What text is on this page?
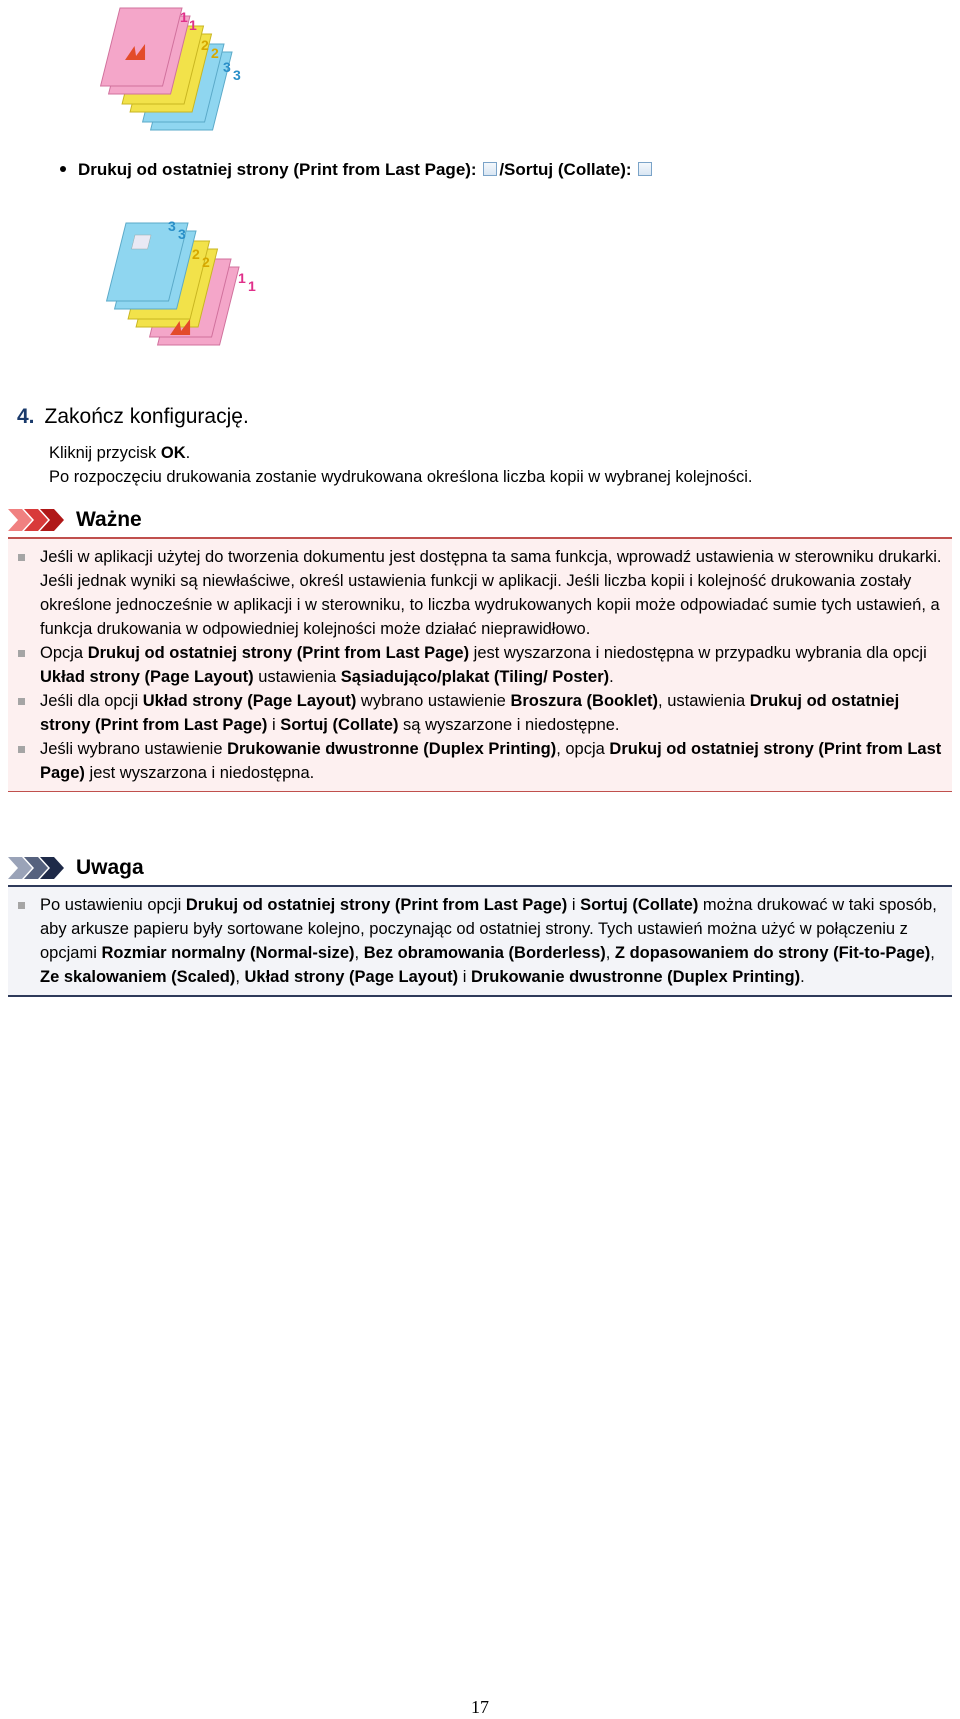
1 1
2 2
3 3
Drukuj od ostatniej strony (Print from Last Page): /Sortuj (Collate):
3 3
2 2
1 1
4. Zakończ konfigurację.
Kliknij przycisk OK.
Po rozpoczęciu drukowania zostanie wydrukowana określona liczba kopii w wybranej kolejności.
Ważne

Jeśli w aplikacji użytej do tworzenia dokumentu jest dostępna ta sama funkcja, wprowadź ustawienia w sterowniku drukarki. Jeśli jednak wyniki są niewłaściwe, określ ustawienia funkcji w aplikacji. Jeśli liczba kopii i kolejność drukowania zostały określone jednocześnie w aplikacji i w sterowniku, to liczba wydrukowanych kopii może odpowiadać sumie tych ustawień, a funkcja drukowania w odpowiedniej kolejności może działać nieprawidłowo.

Opcja Drukuj od ostatniej strony (Print from Last Page) jest wyszarzona i niedostępna w przypadku wybrania dla opcji Układ strony (Page Layout) ustawienia Sąsiadująco/plakat (Tiling/ Poster).

Jeśli dla opcji Układ strony (Page Layout) wybrano ustawienie Broszura (Booklet), ustawienia Drukuj od ostatniej strony (Print from Last Page) i Sortuj (Collate) są wyszarzone i niedostępne.

Jeśli wybrano ustawienie Drukowanie dwustronne (Duplex Printing), opcja Drukuj od ostatniej strony (Print from Last Page) jest wyszarzona i niedostępna.

Uwaga

Po ustawieniu opcji Drukuj od ostatniej strony (Print from Last Page) i Sortuj (Collate) można drukować w taki sposób, aby arkusze papieru były sortowane kolejno, poczynając od ostatniej strony. Tych ustawień można użyć w połączeniu z opcjami Rozmiar normalny (Normal-size), Bez obramowania (Borderless), Z dopasowaniem do strony (Fit-to-Page), Ze skalowaniem (Scaled), Układ strony (Page Layout) i Drukowanie dwustronne (Duplex Printing).

17
